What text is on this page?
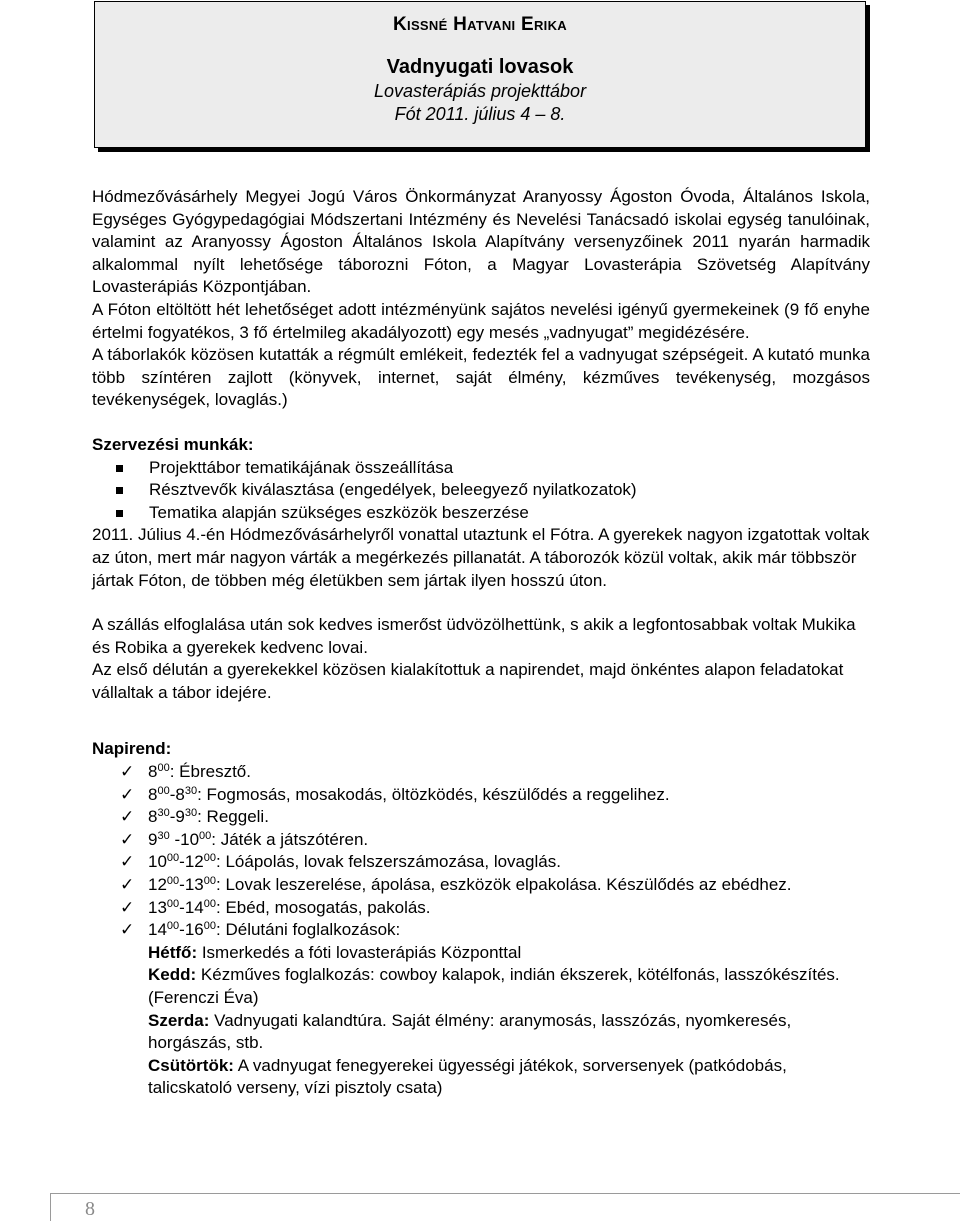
Kissné Hatvani Erika
Vadnyugati lovasok
Lovasterápiás projekttábor
Fót 2011. július 4 – 8.

Hódmezővásárhely Megyei Jogú Város Önkormányzat Aranyossy Ágoston Óvoda, Általános Iskola, Egységes Gyógypedagógiai Módszertani Intézmény és Nevelési Tanácsadó iskolai egység tanulóinak, valamint az Aranyossy Ágoston Általános Iskola Alapítvány versenyzőinek 2011 nyarán harmadik alkalommal nyílt lehetősége táborozni Fóton, a Magyar Lovasterápia Szövetség Alapítvány Lovasterápiás Központjában.

A Fóton eltöltött hét lehetőséget adott intézményünk sajátos nevelési igényű gyermekeinek (9 fő enyhe értelmi fogyatékos, 3 fő értelmileg akadályozott) egy mesés „vadnyugat” megidézésére.

A táborlakók közösen kutatták a régmúlt emlékeit, fedezték fel a vadnyugat szépségeit. A kutató munka több színtéren zajlott (könyvek, internet, saját élmény, kézműves tevékenység, mozgásos tevékenységek, lovaglás.)

Szervezési munkák:

Projekttábor tematikájának összeállítása
Résztvevők kiválasztása (engedélyek, beleegyező nyilatkozatok)
Tematika alapján szükséges eszközök beszerzése

2011. Július 4.-én Hódmezővásárhelyről vonattal utaztunk el Fótra. A gyerekek nagyon izgatottak voltak az úton, mert már nagyon várták a megérkezés pillanatát. A táborozók közül voltak, akik már többször jártak Fóton, de többen még életükben sem jártak ilyen hosszú úton.

A szállás elfoglalása után sok kedves ismerőst üdvözölhettünk, s akik a legfontosabbak voltak Mukika és Robika a gyerekek kedvenc lovai.

Az első délután a gyerekekkel közösen kialakítottuk a napirendet, majd önkéntes alapon feladatokat vállaltak a tábor idejére.

Napirend:

✓ $8^{00}$: Ébresztő.
✓ $8^{00}-8^{30}$: Fogmosás, mosakodás, öltözködés, készülődés a reggelihez.
✓ $8^{30}-9^{30}$: Reggeli.
✓ $9^{30}$ $-10^{00}$: Játék a játszótéren.
✓ $10^{00}-12^{00}$: Lóápolás, lovak felszerszámozása, lovaglás.
✓ $12^{00}-13^{00}$: Lovak leszerelése, ápolása, eszközök elpakolása. Készülődés az ebédhez.
✓ $13^{00}-14^{00}$: Ebéd, mosogatás, pakolás.
✓ $14^{00}-16^{00}$: Délutáni foglalkozások:

Hétfő: Ismerkedés a fóti lovasterápiás Központtal

Kedd: Kézműves foglalkozás: cowboy kalapok, indián ékszerek, kötélfonás, lasszókészítés.(Ferenczi Éva)

Szerda: Vadnyugati kalandtúra. Saját élmény: aranymosás, lasszózás, nyomkeresés, horgászás, stb.

Csütörtök: A vadnyugat fenegyerekei ügyességi játékok, sorversenyek (patkódobás, talicskatoló verseny, vízi pisztoly csata)

8
